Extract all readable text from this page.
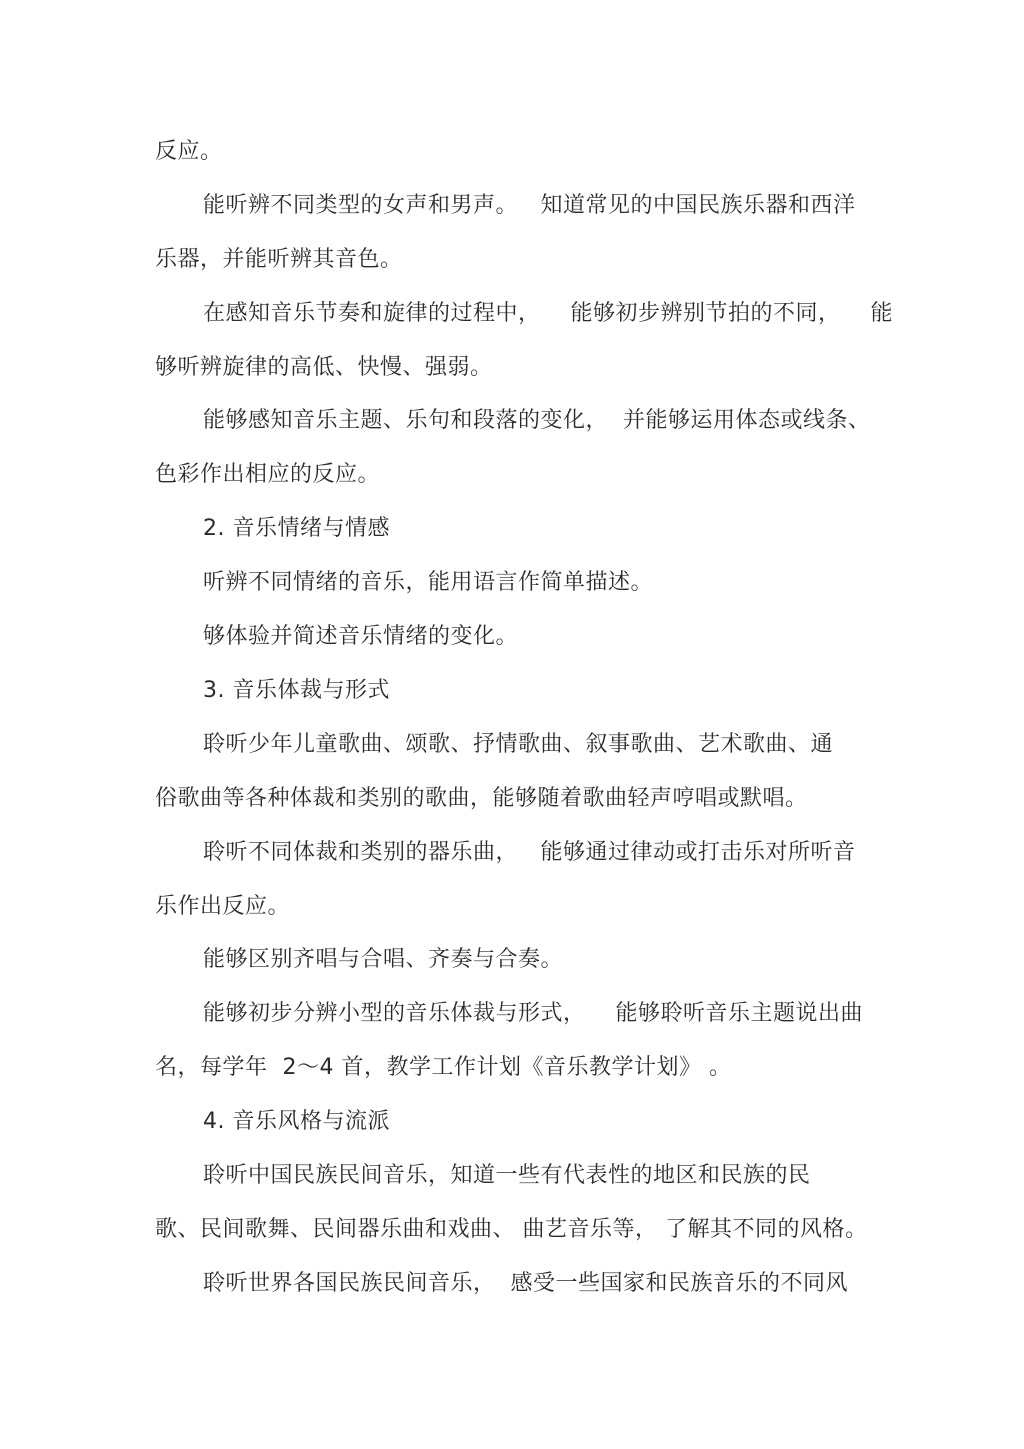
反应。
能听辨不同类型的女声和男声。   知道常见的中国民族乐器和西洋
乐器，并能听辨其音色。
在感知音乐节奏和旋律的过程中，    能够初步辨别节拍的不同，    能
够听辨旋律的高低、快慢、强弱。
能够感知音乐主题、乐句和段落的变化，  并能够运用体态或线条、
色彩作出相应的反应。
2. 音乐情绪与情感
听辨不同情绪的音乐，能用语言作简单描述。
够体验并简述音乐情绪的变化。
3. 音乐体裁与形式
聆听少年儿童歌曲、颂歌、抒情歌曲、叙事歌曲、艺术歌曲、通
俗歌曲等各种体裁和类别的歌曲，能够随着歌曲轻声哼唱或默唱。
聆听不同体裁和类别的器乐曲，   能够通过律动或打击乐对所听音
乐作出反应。
能够区别齐唱与合唱、齐奏与合奏。
能够初步分辨小型的音乐体裁与形式，    能够聆听音乐主题说出曲
名，每学年  2～4 首，教学工作计划《音乐教学计划》 。
4. 音乐风格与流派
聆听中国民族民间音乐，知道一些有代表性的地区和民族的民
歌、民间歌舞、民间器乐曲和戏曲、 曲艺音乐等， 了解其不同的风格。
聆听世界各国民族民间音乐，  感受一些国家和民族音乐的不同风
